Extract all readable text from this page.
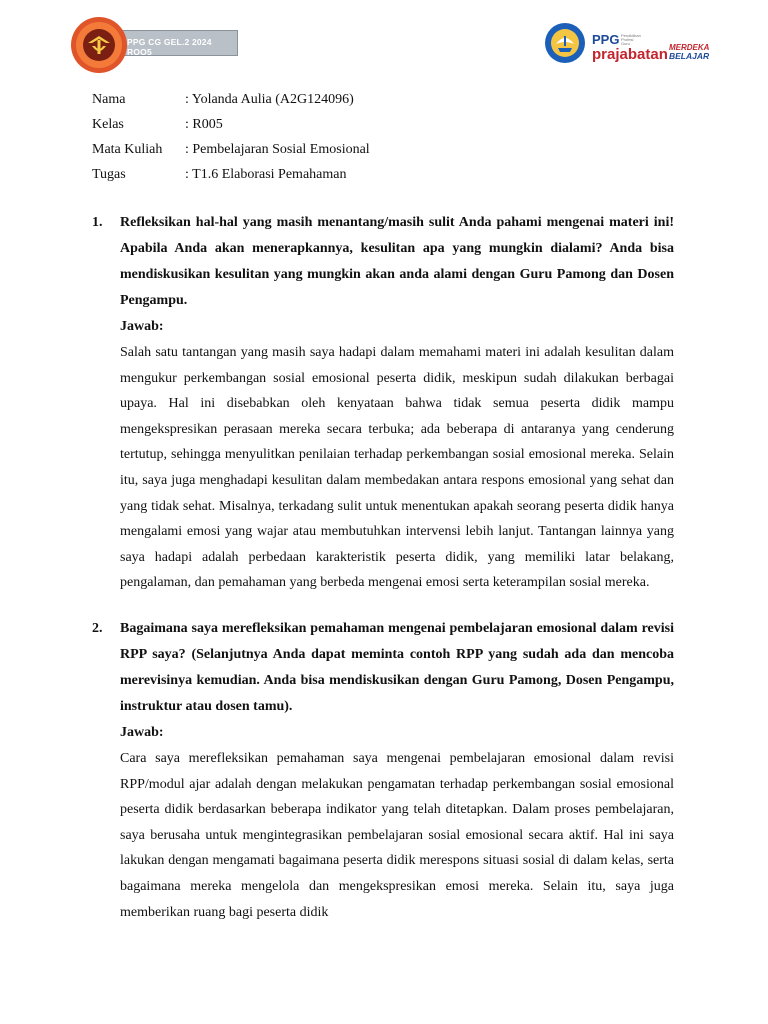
PPG CG GEL.2 2024 ROO5
PPG Pendidikan Profesi Guru
prajabatan MERDEKA
BELAJAR
Nama	: Yolanda Aulia (A2G124096)
Kelas	: R005
Mata Kuliah	: Pembelajaran Sosial Emosional
Tugas	: T1.6 Elaborasi Pemahaman
1.	Refleksikan hal-hal yang masih menantang/masih sulit Anda pahami mengenai materi ini! Apabila Anda akan menerapkannya, kesulitan apa yang mungkin dialami? Anda bisa mendiskusikan kesulitan yang mungkin akan anda alami dengan Guru Pamong dan Dosen Pengampu.

Jawab:

Salah satu tantangan yang masih saya hadapi dalam memahami materi ini adalah kesulitan dalam mengukur perkembangan sosial emosional peserta didik, meskipun sudah dilakukan berbagai upaya. Hal ini disebabkan oleh kenyataan bahwa tidak semua peserta didik mampu mengekspresikan perasaan mereka secara terbuka; ada beberapa di antaranya yang cenderung tertutup, sehingga menyulitkan penilaian terhadap perkembangan sosial emosional mereka. Selain itu, saya juga menghadapi kesulitan dalam membedakan antara respons emosional yang sehat dan yang tidak sehat. Misalnya, terkadang sulit untuk menentukan apakah seorang peserta didik hanya mengalami emosi yang wajar atau membutuhkan intervensi lebih lanjut. Tantangan lainnya yang saya hadapi adalah perbedaan karakteristik peserta didik, yang memiliki latar belakang, pengalaman, dan pemahaman yang berbeda mengenai emosi serta keterampilan sosial mereka.

2.	Bagaimana saya merefleksikan pemahaman mengenai pembelajaran emosional dalam revisi RPP saya? (Selanjutnya Anda dapat meminta contoh RPP yang sudah ada dan mencoba merevisinya kemudian. Anda bisa mendiskusikan dengan Guru Pamong, Dosen Pengampu, instruktur atau dosen tamu).

Jawab:

Cara saya merefleksikan pemahaman saya mengenai pembelajaran emosional dalam revisi RPP/modul ajar adalah dengan melakukan pengamatan terhadap perkembangan sosial emosional peserta didik berdasarkan beberapa indikator yang telah ditetapkan. Dalam proses pembelajaran, saya berusaha untuk mengintegrasikan pembelajaran sosial emosional secara aktif. Hal ini saya lakukan dengan mengamati bagaimana peserta didik merespons situasi sosial di dalam kelas, serta bagaimana mereka mengelola dan mengekspresikan emosi mereka. Selain itu, saya juga memberikan ruang bagi peserta didik
